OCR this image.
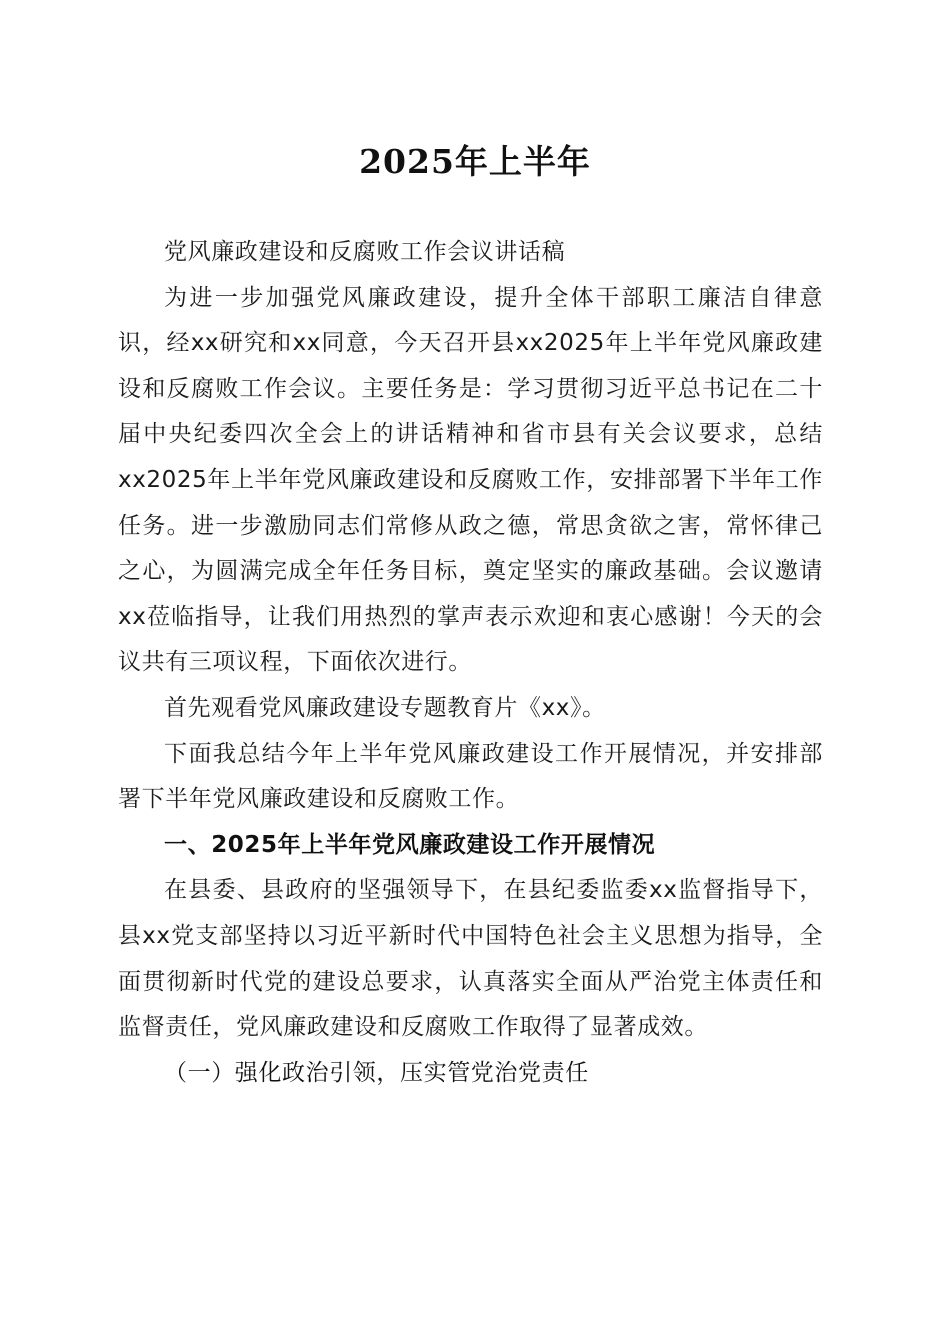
2025年上半年

党风廉政建设和反腐败工作会议讲话稿

为进一步加强党风廉政建设，提升全体干部职工廉洁自律意识，经xx研究和xx同意，今天召开县xx2025年上半年党风廉政建设和反腐败工作会议。主要任务是：学习贯彻习近平总书记在二十届中央纪委四次全会上的讲话精神和省市县有关会议要求，总结xx2025年上半年党风廉政建设和反腐败工作，安排部署下半年工作任务。进一步激励同志们常修从政之德，常思贪欲之害，常怀律己之心，为圆满完成全年任务目标，奠定坚实的廉政基础。会议邀请xx莅临指导，让我们用热烈的掌声表示欢迎和衷心感谢！今天的会议共有三项议程，下面依次进行。

首先观看党风廉政建设专题教育片《xx》。

下面我总结今年上半年党风廉政建设工作开展情况，并安排部署下半年党风廉政建设和反腐败工作。

一、2025年上半年党风廉政建设工作开展情况

在县委、县政府的坚强领导下，在县纪委监委xx监督指导下，县xx党支部坚持以习近平新时代中国特色社会主义思想为指导，全面贯彻新时代党的建设总要求，认真落实全面从严治党主体责任和监督责任，党风廉政建设和反腐败工作取得了显著成效。

（一）强化政治引领，压实管党治党责任
